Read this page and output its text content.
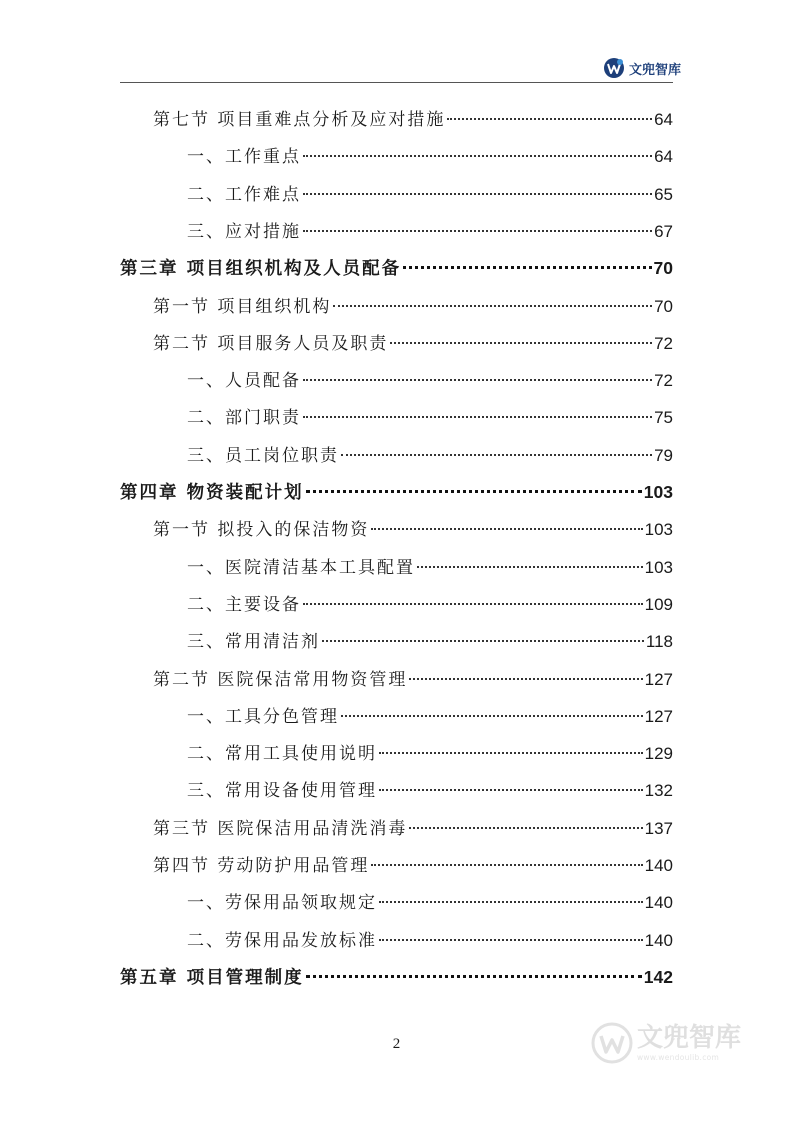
文兜智库
第七节 项目重难点分析及应对措施	64
一、工作重点	64
二、工作难点	65
三、应对措施	67
第三章 项目组织机构及人员配备	70
第一节 项目组织机构	70
第二节 项目服务人员及职责	72
一、人员配备	72
二、部门职责	75
三、员工岗位职责	79
第四章 物资装配计划	103
第一节 拟投入的保洁物资	103
一、医院清洁基本工具配置	103
二、主要设备	109
三、常用清洁剂	118
第二节 医院保洁常用物资管理	127
一、工具分色管理	127
二、常用工具使用说明	129
三、常用设备使用管理	132
第三节 医院保洁用品清洗消毒	137
第四节 劳动防护用品管理	140
一、劳保用品领取规定	140
二、劳保用品发放标准	140
第五章 项目管理制度	142
2	文兜智库
www.wendoulib.com
